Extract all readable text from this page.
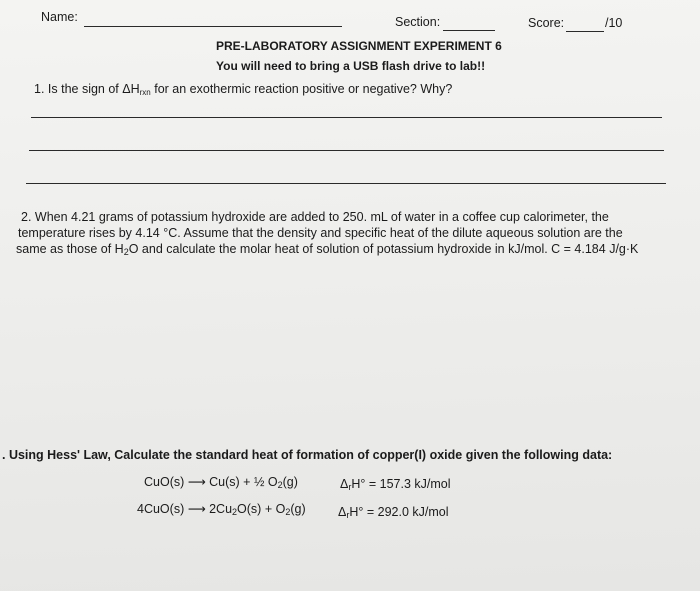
Name:	Section:	Score:	/10
PRE-LABORATORY ASSIGNMENT EXPERIMENT 6
You will need to bring a USB flash drive to lab!!
1. Is the sign of $\Delta H_{rxn}$ for an exothermic reaction positive or negative? Why?
2. When 4.21 grams of potassium hydroxide are added to 250. mL of water in a coffee cup calorimeter, the
temperature rises by 4.14 °C. Assume that the density and specific heat of the dilute aqueous solution are the
same as those of H2O and calculate the molar heat of solution of potassium hydroxide in kJ/mol. C = 4.184 J/g·K
. Using Hess' Law, Calculate the standard heat of formation of copper(I) oxide given the following data:
CuO(s) ⟶ Cu(s) + ½ O2(g)	ΔrH° = 157.3 kJ/mol
4CuO(s) ⟶ 2Cu2O(s) + O2(g)	ΔrH° = 292.0 kJ/mol
